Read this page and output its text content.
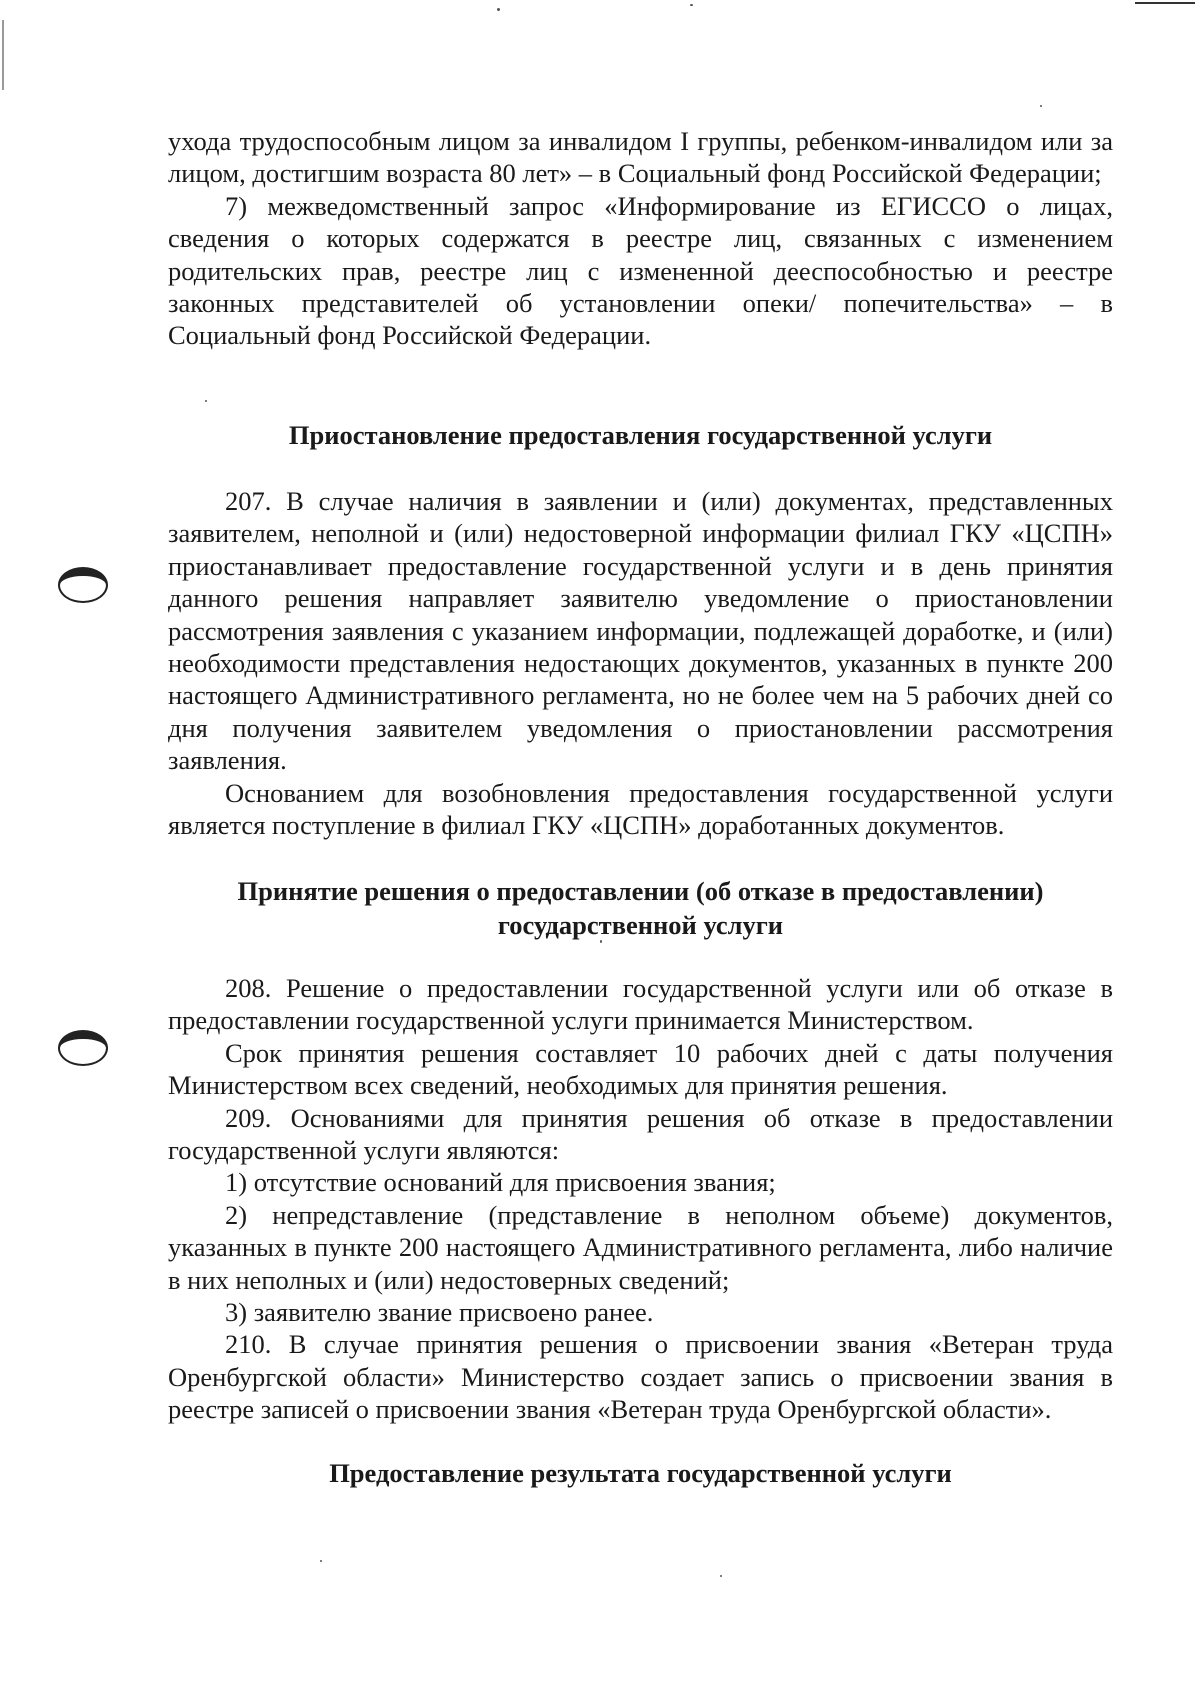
ухода трудоспособным лицом за инвалидом I группы, ребенком-инвалидом или за лицом, достигшим возраста 80 лет» – в Социальный фонд Российской Федерации;

7) межведомственный запрос «Информирование из ЕГИССО о лицах, сведения о которых содержатся в реестре лиц, связанных с изменением родительских прав, реестре лиц с измененной дееспособностью и реестре законных представителей об установлении опеки/ попечительства» – в Социальный фонд Российской Федерации.

Приостановление предоставления государственной услуги

207. В случае наличия в заявлении и (или) документах, представленных заявителем, неполной и (или) недостоверной информации филиал ГКУ «ЦСПН» приостанавливает предоставление государственной услуги и в день принятия данного решения направляет заявителю уведомление о приостановлении рассмотрения заявления с указанием информации, подлежащей доработке, и (или) необходимости представления недостающих документов, указанных в пункте 200 настоящего Административного регламента, но не более чем на 5 рабочих дней со дня получения заявителем уведомления о приостановлении рассмотрения заявления.

Основанием для возобновления предоставления государственной услуги является поступление в филиал ГКУ «ЦСПН» доработанных документов.

Принятие решения о предоставлении (об отказе в предоставлении)
государственной услуги

208. Решение о предоставлении государственной услуги или об отказе в предоставлении государственной услуги принимается Министерством.

Срок принятия решения составляет 10 рабочих дней с даты получения Министерством всех сведений, необходимых для принятия решения.

209. Основаниями для принятия решения об отказе в предоставлении государственной услуги являются:

1) отсутствие оснований для присвоения звания;

2) непредставление (представление в неполном объеме) документов, указанных в пункте 200 настоящего Административного регламента, либо наличие в них неполных и (или) недостоверных сведений;

3) заявителю звание присвоено ранее.

210. В случае принятия решения о присвоении звания «Ветеран труда Оренбургской области» Министерство создает запись о присвоении звания в реестре записей о присвоении звания «Ветеран труда Оренбургской области».

Предоставление результата государственной услуги
